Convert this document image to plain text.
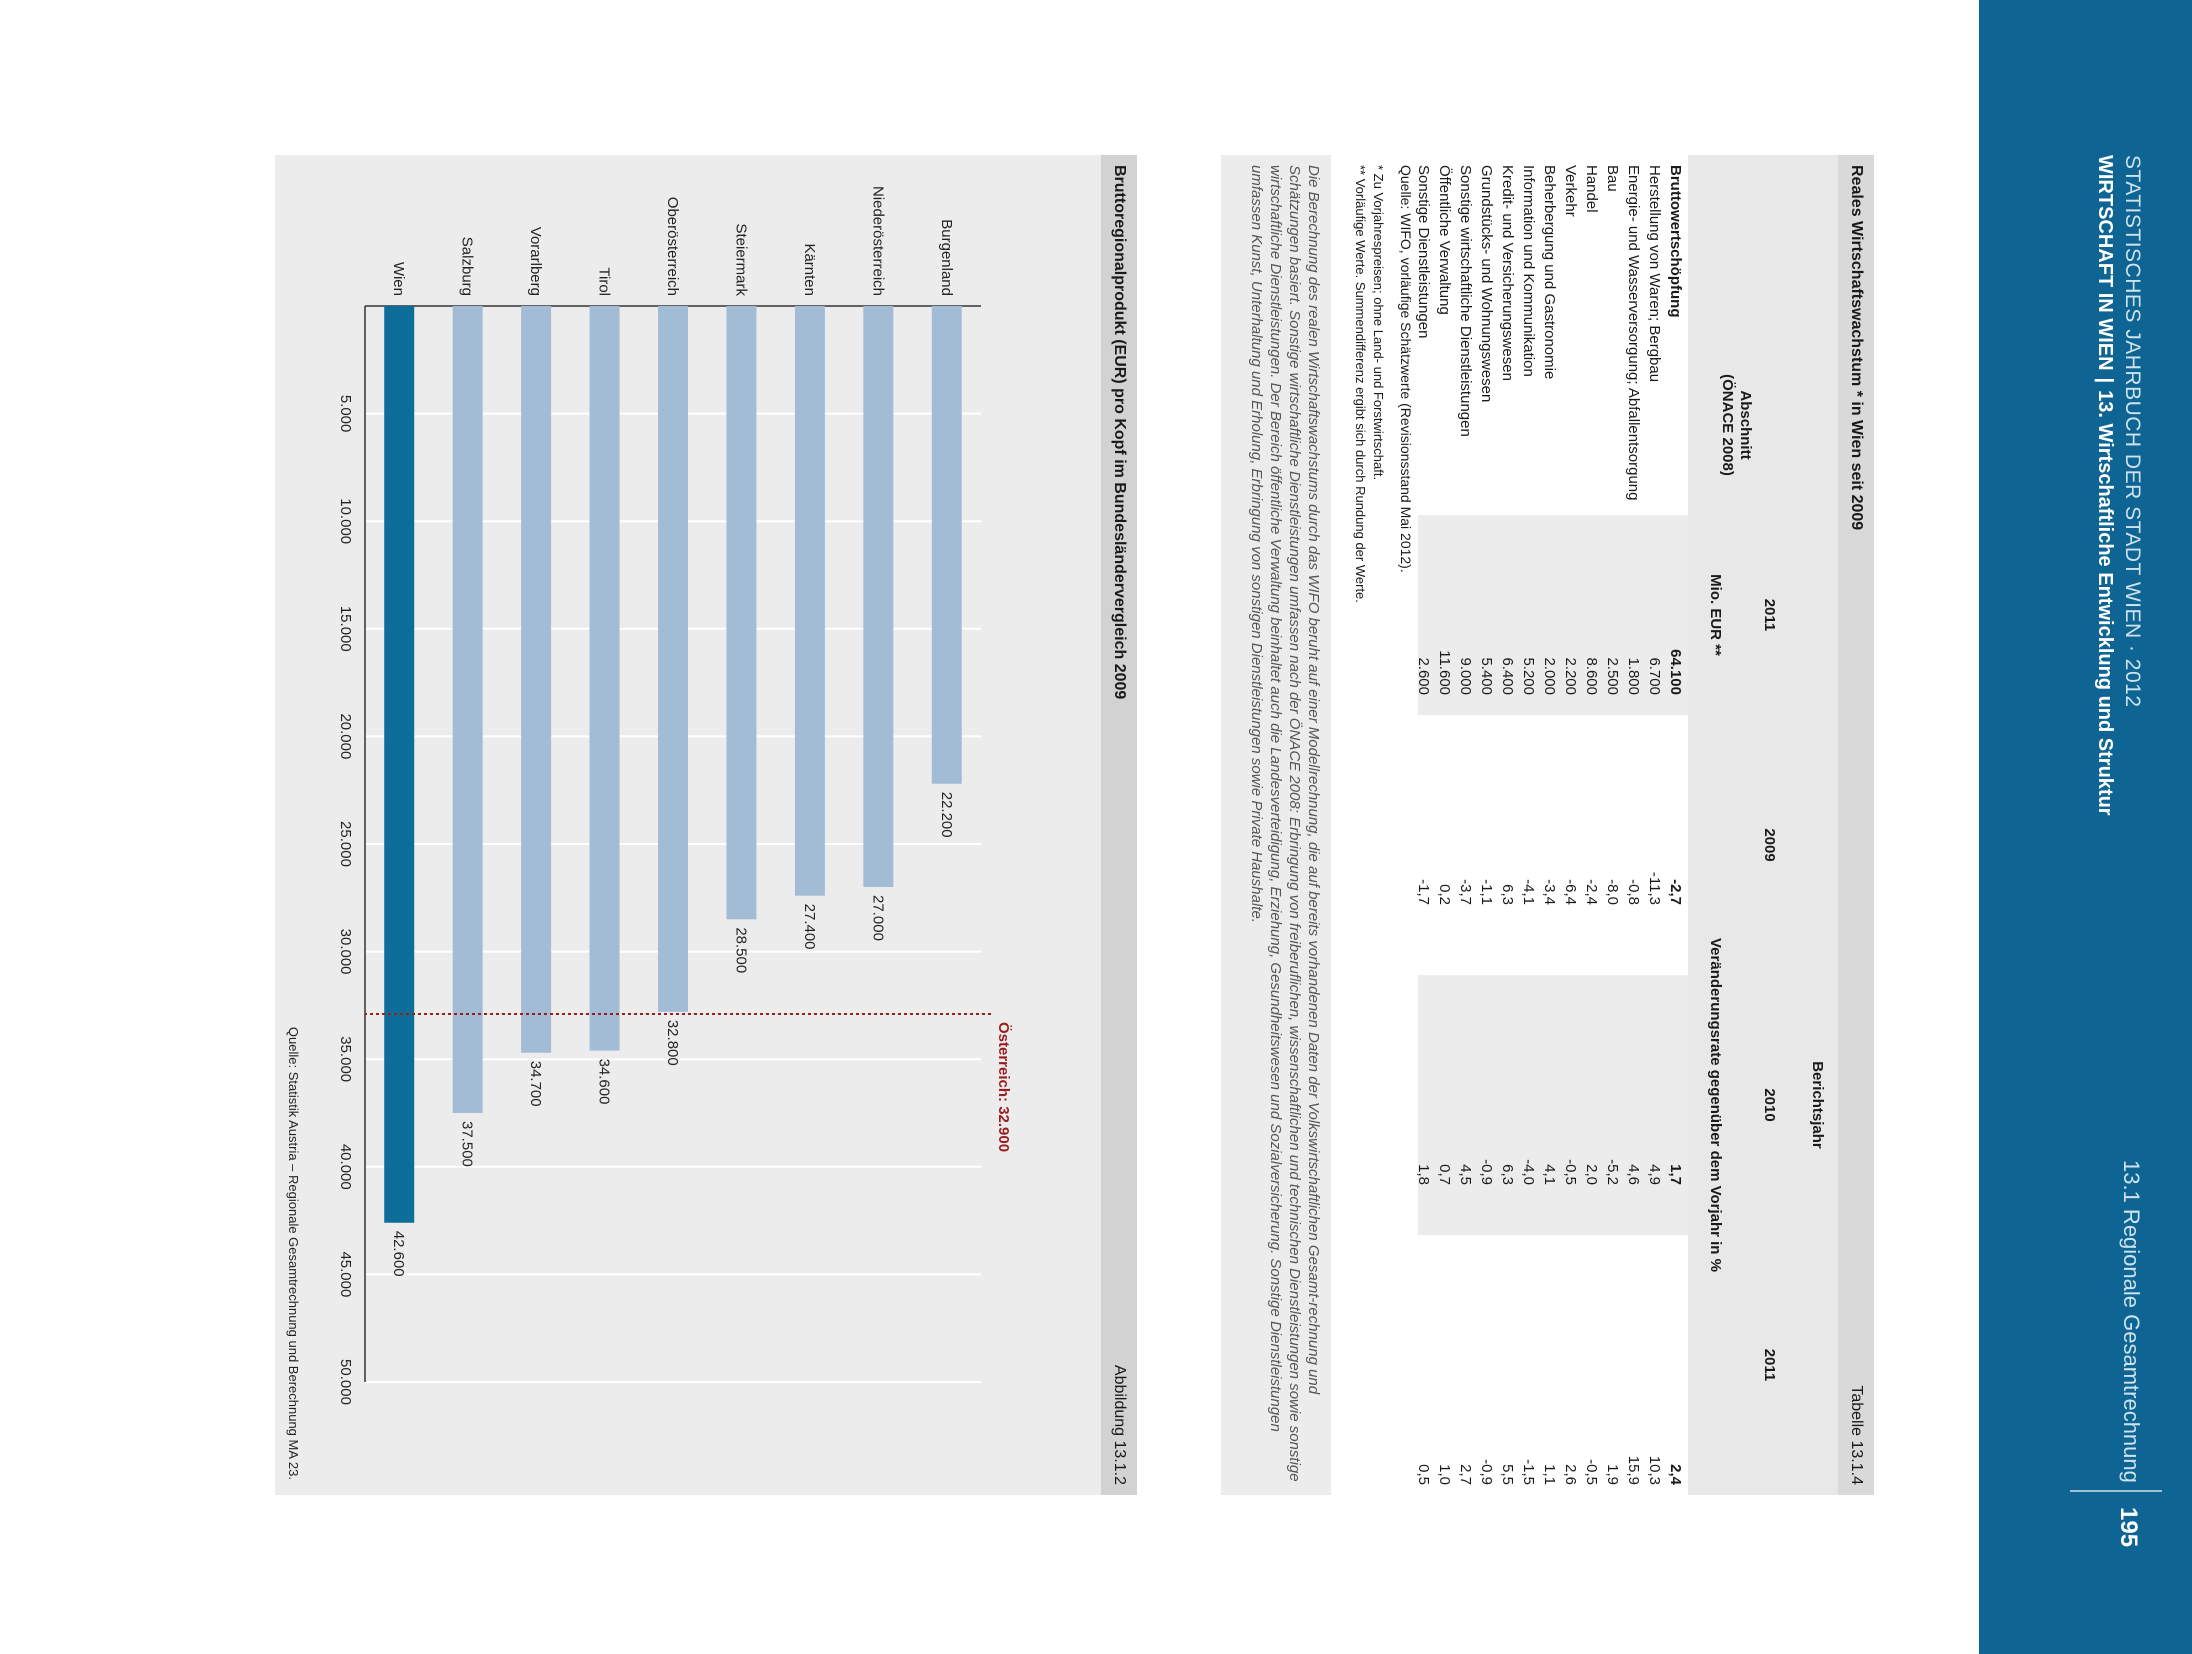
STATISTISCHES JAHRBUCH DER STADT WIEN · 2012
WIRTSCHAFT IN WIEN|13. Wirtschaftliche Entwicklung und Struktur
13.1 Regionale Gesamtrechnung
195
Reales Wirtschaftswachstum * in Wien seit 2009
Tabelle 13.1.4
Abschnitt
(ÖNACE 2008)
Berichtsjahr
2011
2009
2010
2011
Mio. EUR **
Veränderungsrate gegenüber dem Vorjahr in %
Bruttowertschöpfung
64.100
-2,7
1,7
2,4
Herstellung von Waren; Bergbau
6.700
-11,3
4,9
10,3
Energie- und Wasserversorgung; Abfallentsorgung
1.800
-0,8
4,6
15,9
Bau
2.500
-8,0
-5,2
1,9
Handel
8.600
-2,4
2,0
-0,5
Verkehr
2.200
-6,4
-0,5
2,6
Beherbergung und Gastronomie
2.000
-3,4
4,1
1,1
Information und Kommunikation
5.200
-4,1
-4,0
-1,5
Kredit- und Versicherungswesen
6.400
6,3
6,3
5,5
Grundstücks- und Wohnungswesen
5.400
-1,1
-0,9
-0,9
Sonstige wirtschaftliche Dienstleistungen
9.000
-3,7
4,5
2,7
Öffentliche Verwaltung
11.600
0,2
0,7
1,0
Sonstige Dienstleistungen
2.600
-1,7
1,8
0,5
Quelle: WIFO, vorläufige Schätzwerte (Revisionsstand Mai 2012).
* Zu Vorjahrespreisen; ohne Land- und Forstwirtschaft.
** Vorläufige Werte. Summendifferenz ergibt sich durch Rundung der Werte.
Die Berechnung des realen Wirtschaftswachstums durch das WIFO beruht auf einer Modellrechnung, die auf bereits vorhandenen Daten der Volkswirtschaftlichen Gesamt-rechnung und Schätzungen basiert. Sonstige wirtschaftliche Dienstleistungen umfassen nach der ÖNACE 2008: Erbringung von freiberuflichen, wissenschaftlichen und technischen Dienstleistungen sowie sonstige wirtschaftliche Dienstleistungen. Der Bereich öffentliche Verwaltung beinhaltet auch die Landesverteidigung, Erziehung, Gesundheitswesen und Sozialversicherung. Sonstige Dienstleistungen umfassen Kunst, Unterhaltung und Erholung, Erbringung von sonstigen Dienstleistungen sowie Private Haushalte.
Bruttoregionalprodukt (EUR) pro Kopf im Bundesländervergleich 2009
Abbildung 13.1.2
5.000
10.000
15.000
20.000
25.000
30.000
35.000
40.000
45.000
50.000
Burgenland
22.200
Niederösterreich
27.000
Kärnten
27.400
Steiermark
28.500
Oberösterreich
32.800
Tirol
34.600
Vorarlberg
34.700
Salzburg
37.500
Wien
42.600
Österreich: 32.900
Quelle: Statistik Austria – Regionale Gesamtrechnung und Berechnung MA 23.
